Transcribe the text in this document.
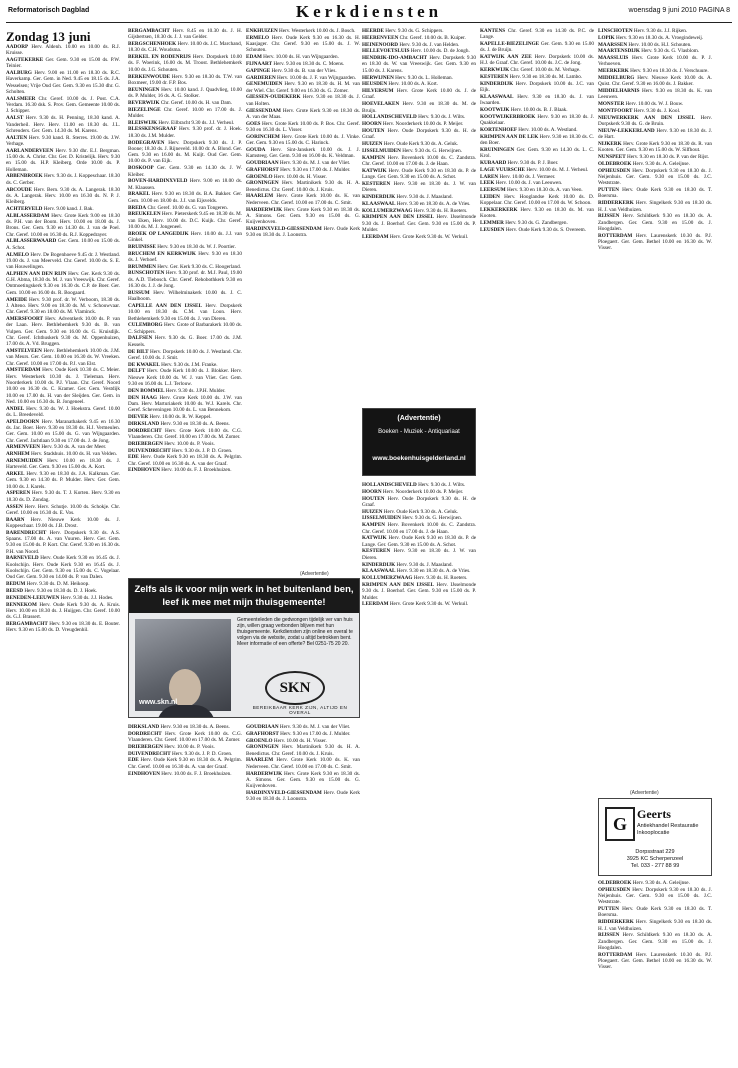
Reformatorisch Dagblad	Kerkdiensten	woensdag 9 juni 2010 PAGINA 8
Zondag 13 juni
AADORP Herv. Aldenh. 10.00 en 10.00 ds. R.J. Kruisse.
AAGTEKERKE Ger. Gem. 9.30 en 15.00 ds. P.W. Teinier.
AALBURG Herv. 9.00 en 11.00 en 18.30 ds. R.C. Haverkamp. Ger. Gem. in Ned. 9.45 en 18.15 ds. J.A. Wesselsen; Vrije Oud Ger. Gem. 9.30 en 15.30 dhr. G. Scholten.
AALSMEER Chr. Geref. 10.00 ds. J. Post. C.A. Verdam. 16.30 dsk. S. Prov. Gem. Gemeente 10.00 ds. J. Schipper.
AALST Herv. 9.30 ds. H. Penning, 18.30 kand. A. Vanderheil. Herv. Herv. 11.00 en 18.30 ds. J.L. Schreuders. Ger. Gem. 14.30 ds. M. Karens.
AALTEN Herv. 9.30 kand. R. Sterres. 19.00 ds. J.W. Verhage.
AARLANDERVEEN Herv. 9.30 dhr. E.J. Bergman. 15.00 ds. A. Christ. Chr. Ger. D. Kristelijk. Herv. 9.30 en 15.00 ds. H.P. Kleiberg. Orde 10.00 ds. P. Holleman.
ABBENBROEK Herv. 9.30 ds. J. Koppeschaar. 18.30 ds. C. Gerber.
ABCOUDE Herv. Bern. 9.30 ds. A. Langerak. 18.30 ds. A. Langerak. Herv. 10.00 en 16.30 ds. N. P. J. Kleiberg.
ACHTERVELD Herv. 9.00 kand. J. Bak.
ALBLASSERDAM Herv. Grote Kerk 9.00 en 18.30 ds. P.H. van der Boom. Herv. 10.00 en 18.00 ds. J. Brons. Ger. Gem. 9.30 en 14.30 ds. J. van de Poel. Chr. Geref. 10.00 en 16.30 ds. R.J. Koppedrayer.
ALBLASSERWAARD Ger. Gem. 10.00 en 15.00 ds. A. Schot.
ALMELO Herv. De Bogenhoeve 9.45 dr. J. Westland. 19.00 ds. J. van Meerveld. Chr. Geref. 10.00 ds. S. E. van Houwelingen.
ALPHEN AAN DEN RIJN Herv. Ger. Kerk 9.30 ds. G.H. Abma, 18.30 ds. M. J. van Vreeswijk. Chr. Geref. Ontmoetingskerk 9.30 en 16.30 ds. C.P. de Boer. Ger. Gem. 10.00 en 16.00 ds. R. Boogaard.
AMEIDE Herv. 9.30 prof. dr. W. Verboom, 18.30 ds. J. Alteno. Herv. 9.00 en 18.30 ds. M. v. Schouwvaar. Chr. Geref. 9.30 en 18.00 ds. M. Vlaminck.
AMERSFOORT Herv. Adventkerk 10.00 ds. P. van der Laan. Herv. Bethlehemkerk 9.30 ds. B. van Vulpen. Ger. Gem. 9.30 en 16.00 ds. G. Kruisdijk. Chr. Geref. Ichthuskerk 9.30 ds. M. Oppenhuizen, 17.00 ds. A. Vd. Bruggen.
AMSTELVEEN Herv. Bethlehemkerk 10.00 ds. J.M. van Meurs. Ger. Gem. 10.00 en 16.30 ds. W. Vreeken. Chr. Geref. 10.00 en 17.00 ds. P.J. van Elst.
AMSTERDAM Herv. Oude Kerk 10.30 ds. C. Meier. Herv. Westerkerk 10.30 ds. J. Tieleman. Herv. Noorderkerk 10.00 ds. P.J. Vlaan. Chr. Geref. Noord 10.00 en 16.30 ds. C. Kramer. Ger. Gem. Vestdijk 10.00 en 17.00 ds. H. van der Sleijden. Ger. Gem. in Ned. 10.00 en 16.30 ds. B. Jongeneel.
ANDEL Herv. 9.30 ds. W. J. Hoekstra. Geref. 10.00 ds. L. Breedeveld.
APELDOORN Herv. Maranathakerk 9.45 en 16.30 ds. Jac. Boer. Herv. 9.30 en 18.30 ds. H.J. Vermeulen. Ger. Gem. 10.00 en 15.00 ds. G. van Wijngaarden. Chr. Geref. Jachtlaan 9.30 en 17.00 ds. J. de Jong.
ARMENVEEN Herv. 9.30 ds. A. van der Meer.
ARNHEM Herv. Stadshuis. 10.00 ds. H. van Velden.
ARNEMUIDEN Herv. 10.00 en 18.30 ds. J. Harteveld. Ger. Gem. 9.30 en 15.00 ds. A. Kort.
ARKEL Herv. 9.30 en 18.30 ds. J.A. Kalkman. Ger. Gem. 9.30 en 14.30 ds. P. Mulder. Herv. Ger. Gem. 10.00 ds. J. Karels.
ASPEREN Herv. 9.30 ds. T. J. Korten. Herv. 9.30 en 18.30 ds. D. Zondag.
ASSEN Herv. Herv. Schutje. 10.00 ds. Schokje. Chr. Geref. 10.00 en 16.30 ds. E. Vos.
BAARN Herv. Nieuwe Kerk 10.00 ds. J. Koppeschaar. 19.00 ds. J.B. Drost.
BARENDRECHT Herv. Dorpskerk 9.30 ds. A.S. Spaans. 17.00 ds. A. van Vuuren. Herv. Ger. Gem. 9.30 en 15.00 ds. P. Kort. Chr. Geref. 9.30 en 16.30 ds. P.H. van Noord.
BARNEVELD Herv. Oude Kerk 9.30 en 16.45 ds. J. Koolschijn. Herv. Oude Kerk 9.30 en 16.45 ds. J. Koolschijn. Ger. Gem. 9.30 en 15.00 ds. C. Vogelaar. Oud Ger. Gem. 9.30 en 14.00 ds. P. van Dalen.
BEDUM Herv. 9.30 ds. D. M. Heikoop.
BEESD Herv. 9.30 en 18.30 ds. D. J. Hoek.
BENEDEN-LEEUWEN Herv. 9.30 ds. J.J. Hodes.
BENNEKOM Herv. Oude Kerk 9.30 ds. A. Kruis. Herv. 10.00 en 18.30 ds. J. Huijgen. Chr. Geref. 10.00 ds. G.J. Brassert.
BERGAMBACHT Herv. 9.30 en 18.30 ds. E. Bouter. Herv. 9.30 en 15.00 ds. D. Vreugdenhil.
BERGAMBACHT Herv. 8.45 en 10.30 ds. J. H. Gijsbertsen, 18.30 ds. J. J. van Gelder.
BERGSCHENHOEK Herv. 10.00 ds. J.C. Marchand, 18.30 ds. C.H. Woudsma.
BERKEL EN RODENRIJS Herv. Dorpskerk 10.00 ds. F. Woerink, 16.00 ds. M. Troost. Bethlehemkerk 10.00 ds. J.G. Schouten.
BERKENWOUDE Herv. 9.30 en 18.30 ds. T.W. van Boxmeer, 19.00 dr. F.P. Bos.
BEUNINGEN Herv. 10.00 kand. J. Quadvlieg, 10.00 ds. P. Mulder, 16 ds. A. G. Stolker.
BEVERWIJK Chr. Geref. 10.00 ds. H. van Dam.
BIEZELINGE Chr. Geref. 10.00 en 17.00 ds. J. Mulder.
BLEISWIJK Herv. Eilbracht 9.30 ds. J.J. Verheul.
BLESSKENSGRAAF Herv. 9.30 prof. dr. J. Hoek. 18.30 ds. J.M. Mulder.
BODEGRAVEN Herv. Dorpskerk 9.30 ds. J. P. Boone; 18.30 ds. J. Rijneveld. 10.00 dr. A. Blond. Ger. Gem. 9.30 en 16.00 ds. M. Kuijt. Oud Ger. Gem. 10.00 ds. P. van Eijk.
BOSKOOP Ger. Gem. 9.30 en 14.30 ds. J. W. Kleiber.
BOVEN-HARDINXVELD Herv. 9.00 en 18.00 ds. M. Klaassen.
BRAKEL Herv. 9.30 en 18.30 ds. B.A. Bakker. Ger. Gem. 10.00 en 18.00 ds. J.J. van Eijsvelds.
BREDA Chr. Geref. 10.00 ds. G. van Tongeren.
BREUKELEN Herv. Pieterskerk 9.45 en 18.30 ds. M. van Eken, Herv. 10.00 ds. D.C. Kuijk. Chr. Geref. 10.00 ds. M. J. Jongeneel.
BROEK OP LANGEDIJK Herv. 10.00 ds. J.J. van Ginkel.
BRUINISSE Herv. 9.30 en 18.30 ds. W. J. Poortier.
BRUCHEM EN KERKWIJK Herv. 9.30 en 18.30 ds. J. Verhoef.
BRUMMEN Herv. Ger. Kerk 9.30 ds. C. Hoogerland.
BUNSCHOTEN Herv. 9.30 prof. dr. M.J. Paul, 19.00 ds. A.D. Tiebosch. Chr. Geref. Rehobothkerk 9.30 en 16.30 ds. J. J. de Jong.
BUSSUM Herv. Wilhelminakerk 10.00 ds. J. C. Haalboom.
CAPELLE AAN DEN IJSSEL Herv. Dorpskerk 10.00 en 18.30 ds. C.M. van Loon. Herv. Bethlehemkerk 9.30 en 15.00 ds. J. van Dieren.
CULEMBORG Herv. Grote of Barbarakerk 10.00 ds. C. Schippers.
DALFSEN Herv. 9.30 ds. G. Boer. 17.00 ds. J.M. Kessels.
DE BILT Herv. Dorpskerk 10.00 ds. J. Westland. Chr. Geref. 10.00 ds. J. Smit.
DE KWAKEL Herv. 9.30 ds. J.M. Franke.
DELFT Herv. Oude Kerk 10.00 ds. J. Blokker. Herv. Nieuwe Kerk 10.00 ds. W. J. van Vliet. Ger. Gem. 9.30 en 16.00 ds. L.J. Terlouw.
DEN BOMMEL Herv. 9.30 ds. J.P.H. Mulder.
DEN HAAG Herv. Grote Kerk 10.00 ds. J.W. van Dam. Herv. Marturiakerk 10.00 ds. W.J. Karels. Chr. Geref. Scheveningen 10.00 ds. L. van Bennekom.
DIEVER Herv. 10.00 ds. R. W. Keppel.
DIRKSLAND Herv. 9.30 en 18.30 ds. A. Beens.
DORDRECHT Herv. Grote Kerk 10.00 ds. C.G. Vlaanderen. Chr. Geref. 10.00 en 17.00 ds. M. Zomer.
DRIEBERGEN Herv. 10.00 ds. P. Voois.
DUIVENDRECHT Herv. 9.30 ds. J. P. D. Groen.
EDE Herv. Oude Kerk 9.30 en 18.30 ds. A. Pelgrim. Chr. Geref. 10.00 en 16.30 ds. A. van der Graaf.
EINDHOVEN Herv. 10.00 ds. F. J. Broekhuizen.
ENKHUIZEN Herv. Westerkerk 10.00 ds. J. Bosch.
ERMELO Herv. Oude Kerk 9.30 en 16.30 ds. H. Kaasjager. Chr. Geref. 9.30 en 15.00 ds. J. W. Schouten.
EDAM Herv. 10.00 ds. H. van Wijngaarden.
FIJNAART Herv. 9.30 en 18.30 ds. C. Moens.
GAPINGE Herv. 9.30 ds. B. van der Vlies.
GARDEREN Herv. 10.00 ds. J. F. van Wijngaarden.
GENEMUIDEN Herv. 9.30 en 18.30 ds. H. M. van der Wiel. Chr. Geref. 9.00 en 16.30 ds. G. Zomer.
GIESSEN-OUDEKERK Herv. 9.30 en 18.30 ds. J. van Holten.
GIESSENDAM Herv. Grote Kerk 9.30 en 18.30 ds. A. van der Maas.
GOES Herv. Grote Kerk 10.00 ds. P. Bos. Chr. Geref. 9.30 en 16.30 ds. L. Visser.
GORINCHEM Herv. Grote Kerk 10.00 ds. J. Vinke. Ger. Gem. 9.30 en 15.00 ds. C. Harinck.
GOUDA Herv. Sint-Janskerk 10.00 ds. J. J. Kamsteeg. Ger. Gem. 9.30 en 16.00 ds. K. Veldman.
GOUDRIAAN Herv. 9.30 ds. M. J. van der Vliet.
GRAFHORST Herv. 9.30 en 17.00 ds. J. Mulder.
GROENLO Herv. 10.00 ds. H. Visser.
GRONINGEN Herv. Martinikerk 9.30 ds. H. A. Benedictus. Chr. Geref. 10.00 ds. J. Kruis.
HAARLEM Herv. Grote Kerk 10.00 ds. K. van Nederveen. Chr. Geref. 10.00 en 17.00 ds. C. Smit.
HARDERWIJK Herv. Grote Kerk 9.30 en 18.30 ds. A. Simons. Ger. Gem. 9.30 en 15.00 ds. G. Kuijvenhoven.
HARDINXVELD-GIESSENDAM Herv. Oude Kerk 9.30 en 18.30 ds. J. Loonstra.
HEERDE Herv. 9.30 ds. G. Schippers.
HEERENVEEN Chr. Geref. 10.00 ds. B. Kuiper.
HEINENOORD Herv. 9.30 ds. J. van Helden.
HELLEVOETSLUIS Herv. 10.00 ds. D. de Jongh.
HENDRIK-IDO-AMBACHT Herv. Dorpskerk 9.30 en 18.30 ds. W. van Vreeswijk. Ger. Gem. 9.30 en 15.00 ds. J. Karens.
HERWIJNEN Herv. 9.30 ds. L. Holleman.
HEUSDEN Herv. 10.00 ds. A. Kort.
HILVERSUM Herv. Grote Kerk 10.00 ds. J. de Graaf.
HOEVELAKEN Herv. 9.30 en 18.30 ds. M. de Bruijn.
HOLLANDSCHEVELD Herv. 9.30 ds. J. Wilts.
HOORN Herv. Noorderkerk 10.00 ds. P. Meijer.
HOUTEN Herv. Oude Dorpskerk 9.30 ds. H. de Graaf.
HUIZEN Herv. Oude Kerk 9.30 ds. A. Geluk.
IJSSELMUIDEN Herv. 9.30 ds. G. Herwijnen.
KAMPEN Herv. Bovenkerk 10.00 ds. C. Zandstra. Chr. Geref. 10.00 en 17.00 ds. J. de Haan.
KATWIJK Herv. Oude Kerk 9.30 en 18.30 ds. P. de Lange. Ger. Gem. 9.30 en 15.00 ds. A. Schot.
KESTEREN Herv. 9.30 en 18.30 ds. J. W. van Dieren.
KINDERDIJK Herv. 9.30 ds. J. Maasland.
KLAASWAAL Herv. 9.30 en 18.30 ds. A. de Vries.
KOLLUMERZWAAG Herv. 9.30 ds. H. Roeters.
KRIMPEN AAN DEN IJSSEL Herv. IJsselmonde 9.30 ds. J. Boerhof. Ger. Gem. 9.30 en 15.00 ds. P. Mulder.
LEERDAM Herv. Grote Kerk 9.30 ds. W. Verkuil.
KANTENS Chr. Geref. 9.30 en 14.30 ds. P.C. de Lange.
KAPELLE-BIEZELINGE Ger. Gem. 9.30 en 15.00 ds. J. de Bruijn.
KATWIJK AAN ZEE Herv. Dorpskerk 10.00 ds. H.J. de Graaf. Chr. Geref. 10.00 ds. J.C. de Jong.
KERKWIJK Chr. Geref. 10.00 ds. M. Verhage.
KESTEREN Herv. 9.30 en 18.30 ds. M. Lambo.
KINDERDIJK Herv. Dorpskerk 10.00 ds. J.C. van Eijk.
KLAASWAAL Herv. 9.30 en 18.30 ds. J. van Iwaarden.
KOOTWIJK Herv. 10.00 ds. B. J. Blaak.
KOOTWIJKERBROEK Herv. 9.30 en 18.30 ds. J. Quakkelaar.
KORTENHOEF Herv. 10.00 ds. A. Westland.
KRIMPEN AAN DE LEK Herv. 9.30 en 18.30 ds. C. den Boer.
KRUININGEN Ger. Gem. 9.30 en 14.30 ds. L. C. Krol.
KUBAARD Herv. 9.30 ds. P. J. Boer.
LAGE VUURSCHE Herv. 10.00 ds. M. J. Verheul.
LAREN Herv. 10.00 ds. J. Vermeer.
LEEK Herv. 10.00 ds. J. van Leeuwen.
LEERSUM Herv. 9.30 en 18.30 ds. A. van Veen.
LEIDEN Herv. Hooglandse Kerk 10.00 ds. D. Koppelaar. Chr. Geref. 10.00 en 17.00 ds. W. Schoon.
LEKKERKERK Herv. 9.30 en 18.30 ds. M. van Kooten.
LEMMER Herv. 9.30 ds. G. Zandbergen.
LEUSDEN Herv. Oude Kerk 9.30 ds. S. Overeem.
LINSCHOTEN Herv. 9.30 ds. J.J. Rijken.
LOPIK Herv. 9.30 en 18.30 ds. A. Vroegindeweij.
MAARSSEN Herv. 10.00 ds. H.J. Schouten.
MAARTENSDIJK Herv. 9.30 ds. G. Vlasblom.
MAASSLUIS Herv. Grote Kerk 10.00 ds. P. J. Verhoeven.
MEERKERK Herv. 9.30 en 18.30 ds. J. Verschuure.
MIDDELBURG Herv. Nieuwe Kerk 10.00 ds. A. Quist. Chr. Geref. 9.30 en 16.00 ds. J. Bakker.
MIDDELHARNIS Herv. 9.30 en 18.30 ds. K. van Leeuwen.
MONSTER Herv. 10.00 ds. W. J. Bouw.
MONTFOORT Herv. 9.30 ds. J. Kool.
NIEUWERKERK AAN DEN IJSSEL Herv. Dorpskerk 9.30 ds. G. de Bruin.
NIEUW-LEKKERLAND Herv. 9.30 en 18.30 ds. J. de Hart.
NIJKERK Herv. Grote Kerk 9.30 en 18.30 ds. R. van Kooten. Ger. Gem. 9.30 en 15.00 ds. W. Silfhout.
NUNSPEET Herv. 9.30 en 18.30 ds. P. van der Rijst.
OLDEBROEK Herv. 9.30 ds. A. Geleijnse.
OPHEUSDEN Herv. Dorpskerk 9.30 en 18.30 ds. J. Neijenhuis. Ger. Gem. 9.30 en 15.00 ds. J.C. Weststrate.
PUTTEN Herv. Oude Kerk 9.30 en 18.30 ds. T. Boersma.
RIDDERKERK Herv. Singelkerk 9.30 en 18.30 ds. H. J. van Veldhuizen.
RIJSSEN Herv. Schildkerk 9.30 en 18.30 ds. A. Zandbergen. Ger. Gem. 9.30 en 15.00 ds. J. Hoogdalen.
ROTTERDAM Herv. Laurenskerk 10.30 ds. P.J. Ploegaert. Ger. Gem. Bethel 10.00 en 16.30 ds. W. Visser.
DIRKSLAND Herv. 9.30 en 18.30 ds. A. Beens.
DORDRECHT Herv. Grote Kerk 10.00 ds. C.G. Vlaanderen. Chr. Geref. 10.00 en 17.00 ds. M. Zomer.
DRIEBERGEN Herv. 10.00 ds. P. Voois.
DUIVENDRECHT Herv. 9.30 ds. J. P. D. Groen.
EDE Herv. Oude Kerk 9.30 en 18.30 ds. A. Pelgrim. Chr. Geref. 10.00 en 16.30 ds. A. van der Graaf.
EINDHOVEN Herv. 10.00 ds. F. J. Broekhuizen.
GOUDRIAAN Herv. 9.30 ds. M. J. van der Vliet.
GRAFHORST Herv. 9.30 en 17.00 ds. J. Mulder.
GROENLO Herv. 10.00 ds. H. Visser.
GRONINGEN Herv. Martinikerk 9.30 ds. H. A. Benedictus. Chr. Geref. 10.00 ds. J. Kruis.
HAARLEM Herv. Grote Kerk 10.00 ds. K. van Nederveen. Chr. Geref. 10.00 en 17.00 ds. C. Smit.
HARDERWIJK Herv. Grote Kerk 9.30 en 18.30 ds. A. Simons. Ger. Gem. 9.30 en 15.00 ds. G. Kuijvenhoven.
HARDINXVELD-GIESSENDAM Herv. Oude Kerk 9.30 en 18.30 ds. J. Loonstra.
HOLLANDSCHEVELD Herv. 9.30 ds. J. Wilts.
HOORN Herv. Noorderkerk 10.00 ds. P. Meijer.
HOUTEN Herv. Oude Dorpskerk 9.30 ds. H. de Graaf.
HUIZEN Herv. Oude Kerk 9.30 ds. A. Geluk.
IJSSELMUIDEN Herv. 9.30 ds. G. Herwijnen.
KAMPEN Herv. Bovenkerk 10.00 ds. C. Zandstra. Chr. Geref. 10.00 en 17.00 ds. J. de Haan.
KATWIJK Herv. Oude Kerk 9.30 en 18.30 ds. P. de Lange. Ger. Gem. 9.30 en 15.00 ds. A. Schot.
KESTEREN Herv. 9.30 en 18.30 ds. J. W. van Dieren.
KINDERDIJK Herv. 9.30 ds. J. Maasland.
KLAASWAAL Herv. 9.30 en 18.30 ds. A. de Vries.
KOLLUMERZWAAG Herv. 9.30 ds. H. Roeters.
KRIMPEN AAN DEN IJSSEL Herv. IJsselmonde 9.30 ds. J. Boerhof. Ger. Gem. 9.30 en 15.00 ds. P. Mulder.
LEERDAM Herv. Grote Kerk 9.30 ds. W. Verkuil.
OLDEBROEK Herv. 9.30 ds. A. Geleijnse.
OPHEUSDEN Herv. Dorpskerk 9.30 en 18.30 ds. J. Neijenhuis. Ger. Gem. 9.30 en 15.00 ds. J.C. Weststrate.
PUTTEN Herv. Oude Kerk 9.30 en 18.30 ds. T. Boersma.
RIDDERKERK Herv. Singelkerk 9.30 en 18.30 ds. H. J. van Veldhuizen.
RIJSSEN Herv. Schildkerk 9.30 en 18.30 ds. A. Zandbergen. Ger. Gem. 9.30 en 15.00 ds. J. Hoogdalen.
ROTTERDAM Herv. Laurenskerk 10.30 ds. P.J. Ploegaert. Ger. Gem. Bethel 10.00 en 16.30 ds. W. Visser.
(Advertentie)
Zelfs als ik voor mijn werk in het buitenland ben,
leef ik mee met mijn thuisgemeente!
www.skn.nl
Gemeenteleden die gedwongen tijdelijk ver van huis zijn, willen graag verbonden blijven met hun thuisgemeente. Kerkdiensten zijn online en overal te volgen via de website, zodat u altijd betrokken bent. Meer informatie of een offerte? Bel 0251-75 20 20.
SKN
BEREIKBAAR KERK ZIJN, ALTIJD EN OVERAL
(Advertentie)
Boeken - Muziek - Antiquariaat
www.boekenhuisgelderland.nl
(Advertentie)
G Geerts
Antiekhandel Restauratie Inkooplocatie
Dorpsstraat 229
3925 KC Scherpenzeel
Tel. 033 - 277 88 99
